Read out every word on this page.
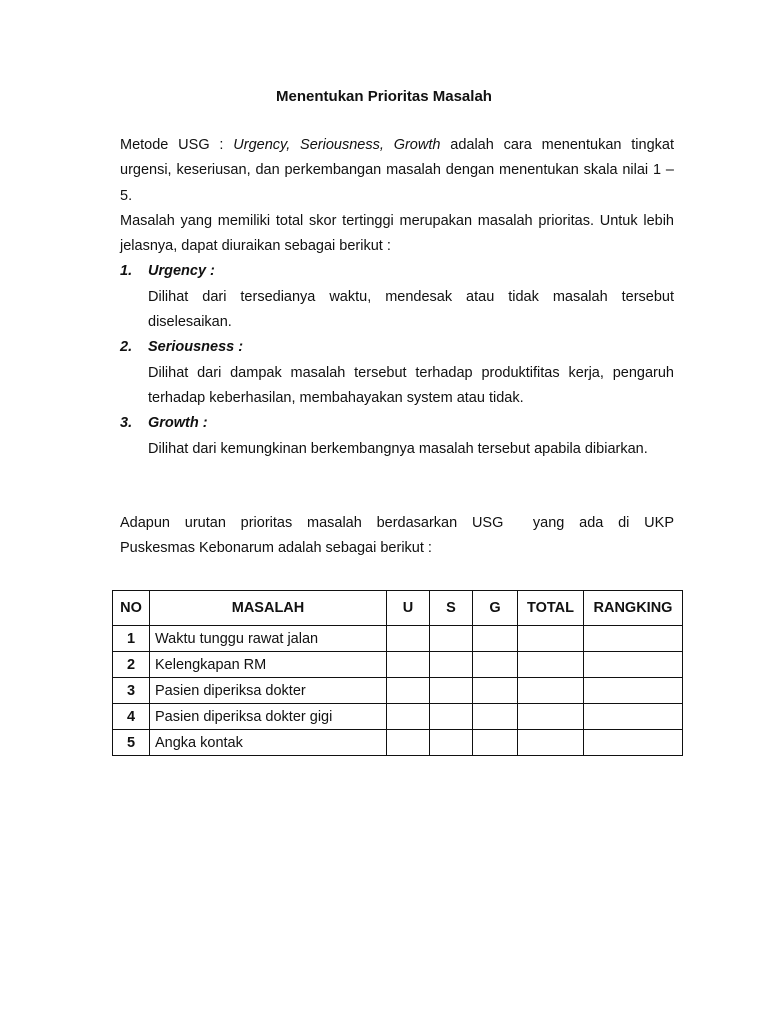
Menentukan Prioritas Masalah

Metode USG : Urgency, Seriousness, Growth adalah cara menentukan tingkat urgensi, keseriusan, dan perkembangan masalah dengan menentukan skala nilai 1 – 5.

Masalah yang memiliki total skor tertinggi merupakan masalah prioritas. Untuk lebih jelasnya, dapat diuraikan sebagai berikut :

1. Urgency :

Dilihat dari tersedianya waktu, mendesak atau tidak masalah tersebut diselesaikan.

2. Seriousness :

Dilihat dari dampak masalah tersebut terhadap produktifitas kerja, pengaruh terhadap keberhasilan, membahayakan system atau tidak.

3. Growth :

Dilihat dari kemungkinan berkembangnya masalah tersebut apabila dibiarkan.

Adapun urutan prioritas masalah berdasarkan USG  yang ada di UKP
Puskesmas Kebonarum adalah sebagai berikut :
NO	MASALAH	U	S	G	TOTAL	RANGKING
1	Waktu tunggu rawat jalan					
2	Kelengkapan RM					
3	Pasien diperiksa dokter					
4	Pasien diperiksa dokter gigi					
5	Angka kontak					
